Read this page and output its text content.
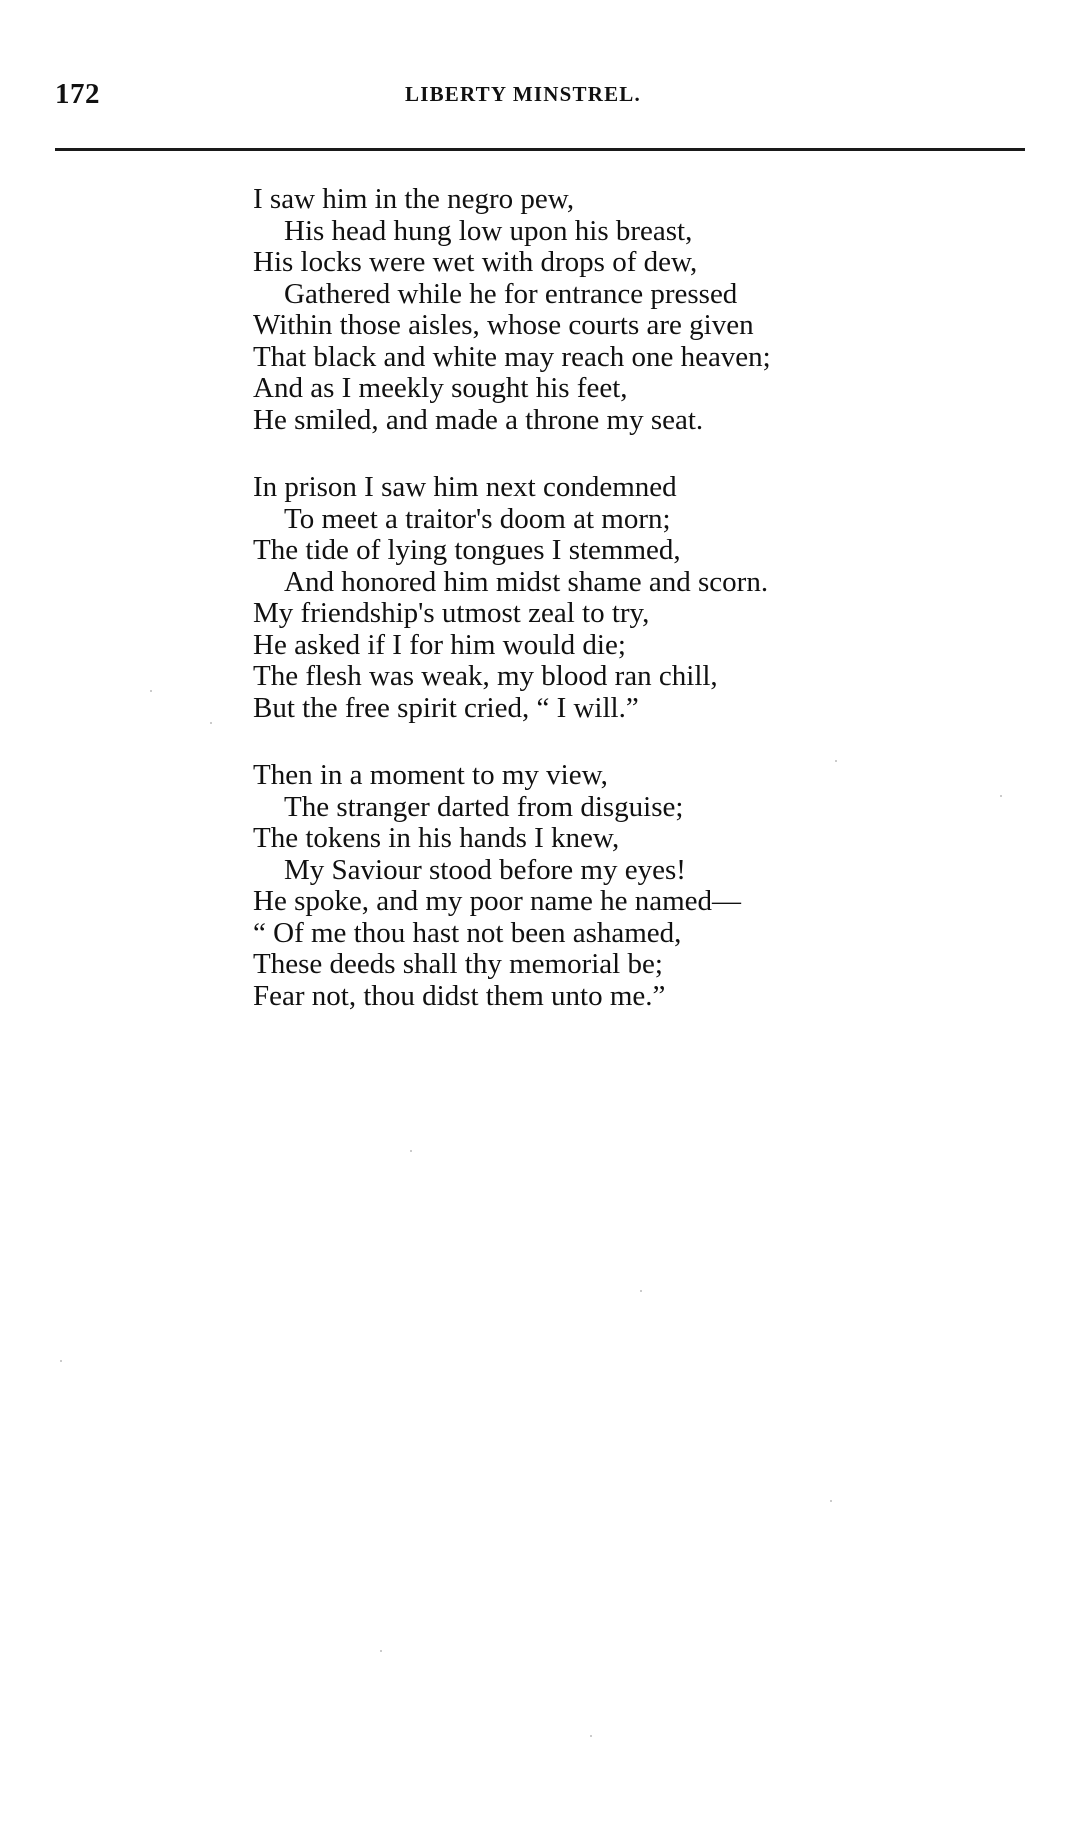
172	LIBERTY MINSTREL.
I saw him in the negro pew,
His head hung low upon his breast,
His locks were wet with drops of dew,
Gathered while he for entrance pressed
Within those aisles, whose courts are given
That black and white may reach one heaven;
And as I meekly sought his feet,
He smiled, and made a throne my seat.
In prison I saw him next condemned
To meet a traitor's doom at morn;
The tide of lying tongues I stemmed,
And honored him midst shame and scorn.
My friendship's utmost zeal to try,
He asked if I for him would die;
The flesh was weak, my blood ran chill,
But the free spirit cried, “ I will.”
Then in a moment to my view,
The stranger darted from disguise;
The tokens in his hands I knew,
My Saviour stood before my eyes!
He spoke, and my poor name he named—
“ Of me thou hast not been ashamed,
These deeds shall thy memorial be;
Fear not, thou didst them unto me.”
